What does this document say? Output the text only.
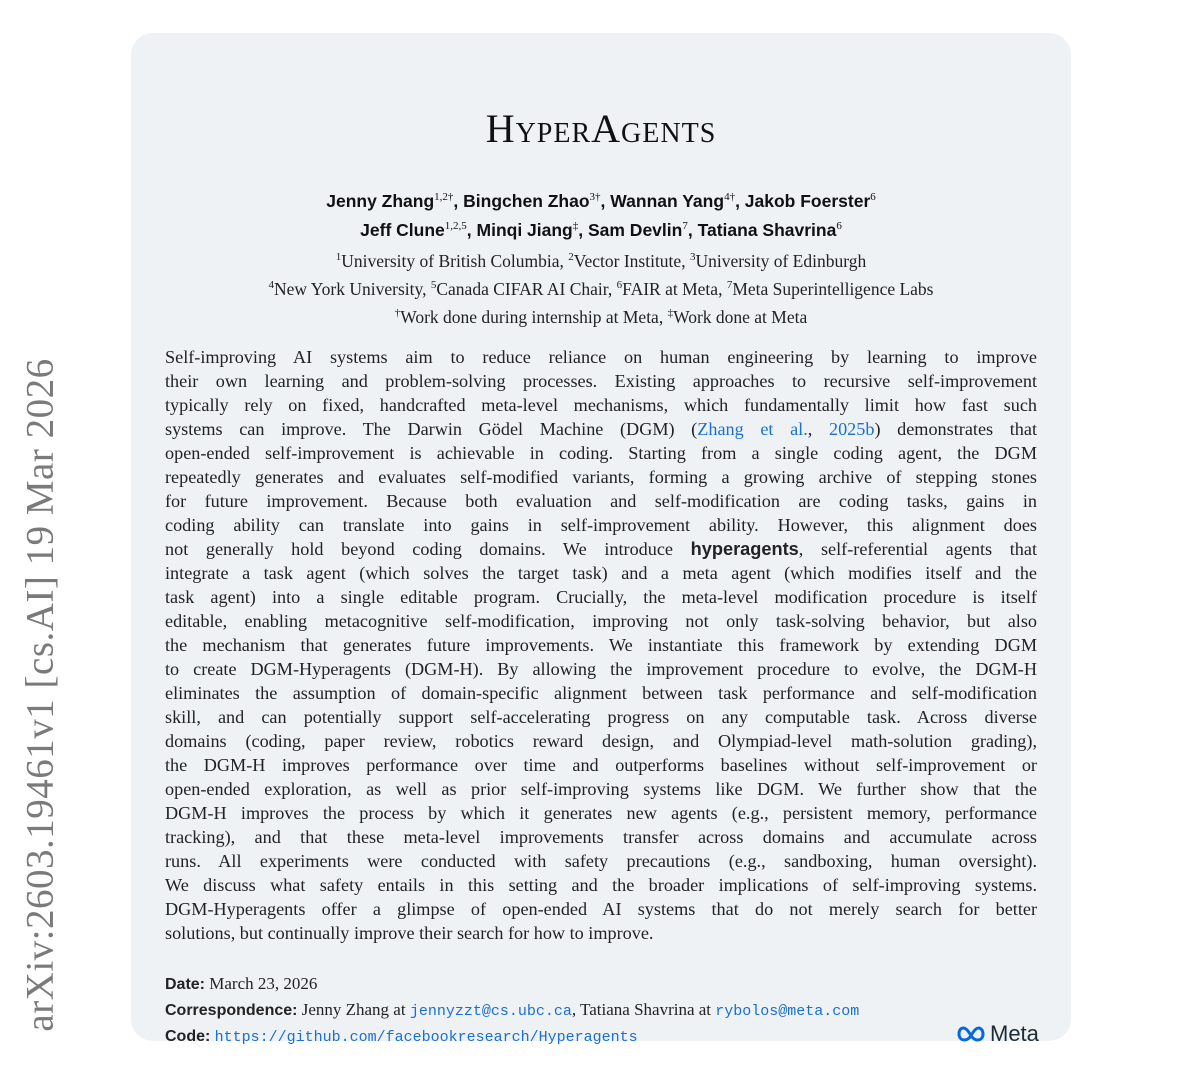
arXiv:2603.19461v1 [cs.AI] 19 Mar 2026
HyperAgents
Jenny Zhang$^{1,2\dagger}$, Bingchen Zhao$^{3\dagger}$, Wannan Yang$^{4\dagger}$, Jakob Foerster$^6$
Jeff Clune$^{1,2,5}$, Minqi Jiang‡, Sam Devlin$^7$, Tatiana Shavrina$^6$
$^1$University of British Columbia, $^2$Vector Institute, $^3$University of Edinburgh
$^4$New York University, $^5$Canada CIFAR AI Chair, $^6$FAIR at Meta, $^7$Meta Superintelligence Labs
†Work done during internship at Meta, ‡Work done at Meta
Self-improving AI systems aim to reduce reliance on human engineering by learning to improve
their own learning and problem-solving processes. Existing approaches to recursive self-improvement
typically rely on fixed, handcrafted meta-level mechanisms, which fundamentally limit how fast such
systems can improve. The Darwin Gödel Machine (DGM) (Zhang et al., 2025b) demonstrates that
open-ended self-improvement is achievable in coding. Starting from a single coding agent, the DGM
repeatedly generates and evaluates self-modified variants, forming a growing archive of stepping stones
for future improvement. Because both evaluation and self-modification are coding tasks, gains in
coding ability can translate into gains in self-improvement ability. However, this alignment does
not generally hold beyond coding domains. We introduce hyperagents, self-referential agents that
integrate a task agent (which solves the target task) and a meta agent (which modifies itself and the
task agent) into a single editable program. Crucially, the meta-level modification procedure is itself
editable, enabling metacognitive self-modification, improving not only task-solving behavior, but also
the mechanism that generates future improvements. We instantiate this framework by extending DGM
to create DGM-Hyperagents (DGM-H). By allowing the improvement procedure to evolve, the DGM-H
eliminates the assumption of domain-specific alignment between task performance and self-modification
skill, and can potentially support self-accelerating progress on any computable task. Across diverse
domains (coding, paper review, robotics reward design, and Olympiad-level math-solution grading),
the DGM-H improves performance over time and outperforms baselines without self-improvement or
open-ended exploration, as well as prior self-improving systems like DGM. We further show that the
DGM-H improves the process by which it generates new agents (e.g., persistent memory, performance
tracking), and that these meta-level improvements transfer across domains and accumulate across
runs. All experiments were conducted with safety precautions (e.g., sandboxing, human oversight).
We discuss what safety entails in this setting and the broader implications of self-improving systems.
DGM-Hyperagents offer a glimpse of open-ended AI systems that do not merely search for better
solutions, but continually improve their search for how to improve.
Date: March 23, 2026
Correspondence: Jenny Zhang at jennyzzt@cs.ubc.ca, Tatiana Shavrina at rybolos@meta.com
Code: https://github.com/facebookresearch/Hyperagents	Meta
